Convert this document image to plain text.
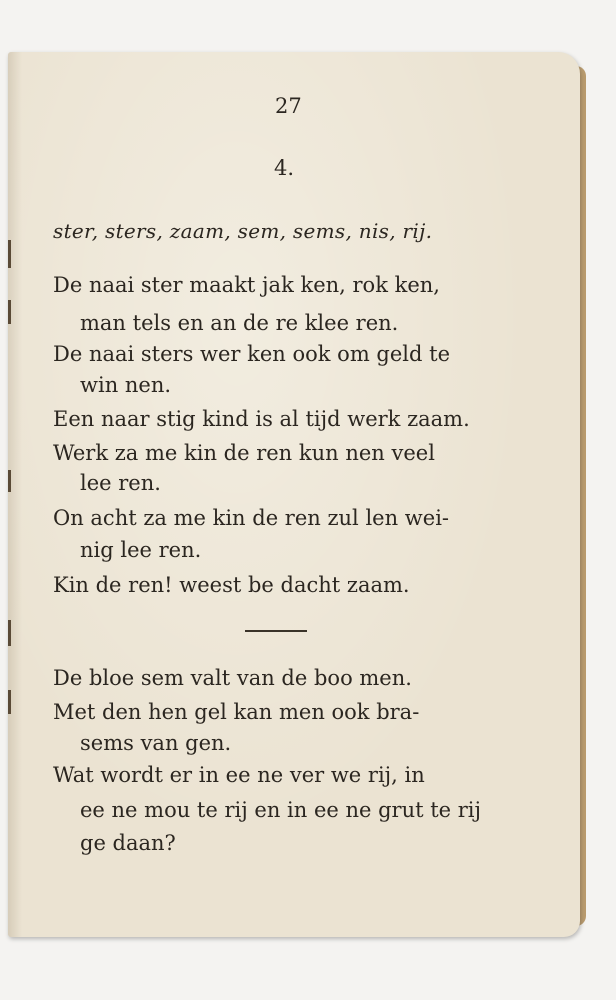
27
4.
ster, sters, zaam, sem, sems, nis, rij.
De naai ster maakt jak ken, rok ken,
man tels en an de re klee ren.
De naai sters wer ken ook om geld te
win nen.
Een naar stig kind is al tijd werk zaam.
Werk za me kin de ren kun nen veel
lee ren.
On acht za me kin de ren zul len wei-
nig lee ren.
Kin de ren! weest be dacht zaam.
De bloe sem valt van de boo men.
Met den hen gel kan men ook bra-
sems van gen.
Wat wordt er in ee ne ver we rij, in
ee ne mou te rij en in ee ne grut te rij
ge daan?
